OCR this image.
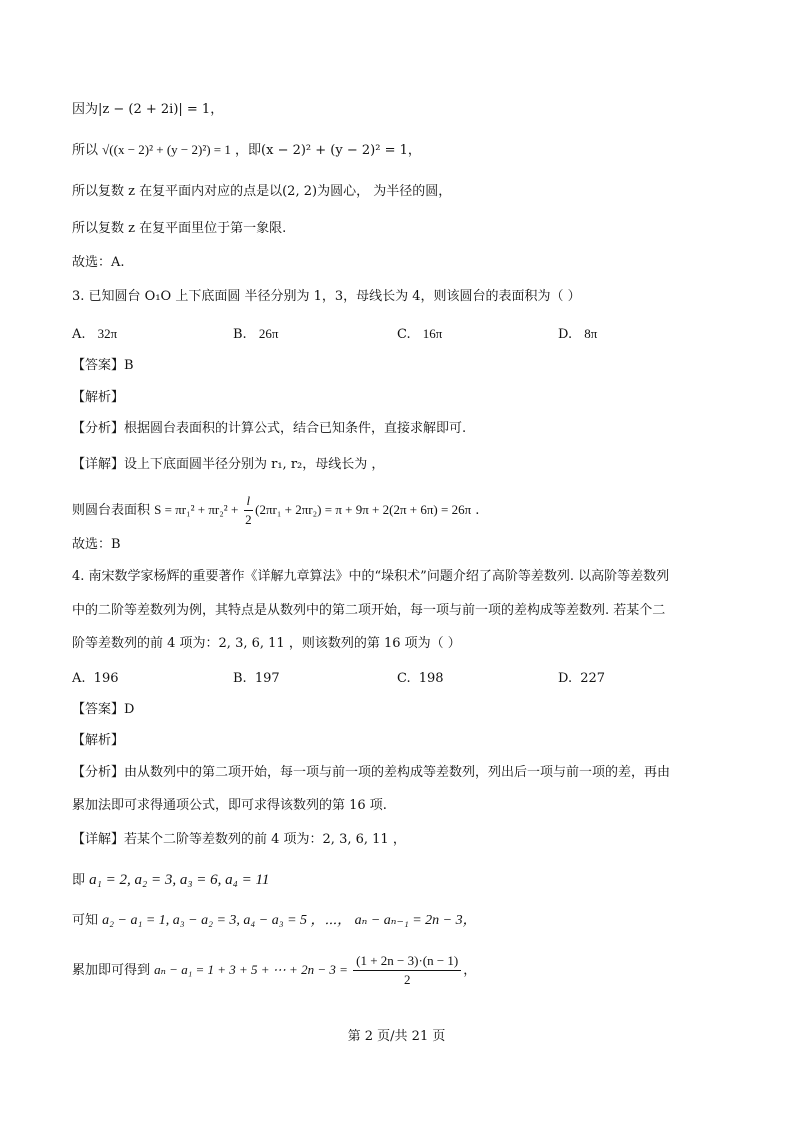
因为|z − (2 + 2i)| = 1，
所以 √((x − 2)² + (y − 2)²) = 1 ，即(x − 2)² + (y − 2)² = 1，
所以复数 z 在复平面内对应的点是以(2, 2)为圆心， 为半径的圆，
所以复数 z 在复平面里位于第一象限.
故选：A.
3. 已知圆台 O₁O 上下底面圆 半径分别为 1，3，母线长为 4，则该圆台的表面积为（ ）
A. 32π	B. 26π	C. 16π	D. 8π
【答案】B
【解析】
【分析】根据圆台表面积的计算公式，结合已知条件，直接求解即可.
【详解】设上下底面圆半径分别为 r₁, r₂，母线长为 ，
则圆台表面积 $S = \pi r_1^2 + \pi r_2^2 + \frac{l}{2} (2\pi r_1 + 2\pi r_2) = \pi + 9\pi + 2(2\pi + 6\pi) = 26\pi$ .
故选：B
4. 南宋数学家杨辉的重要著作《详解九章算法》中的“垛积术”问题介绍了高阶等差数列. 以高阶等差数列
中的二阶等差数列为例，其特点是从数列中的第二项开始，每一项与前一项的差构成等差数列. 若某个二
阶等差数列的前 4 项为：2, 3, 6, 11 ，则该数列的第 16 项为（ ）
A. 196	B. 197	C. 198	D. 227
【答案】D
【解析】
【分析】由从数列中的第二项开始，每一项与前一项的差构成等差数列，列出后一项与前一项的差，再由
累加法即可求得通项公式，即可求得该数列的第 16 项.
【详解】若某个二阶等差数列的前 4 项为：2, 3, 6, 11 ，
即 a₁ = 2, a₂ = 3, a₃ = 6, a₄ = 11
可知 a₂ − a₁ = 1, a₃ − a₂ = 3, a₄ − a₃ = 5 ，⋯， aₙ − aₙ₋₁ = 2n − 3，
累加即可得到 aₙ − a₁ = 1 + 3 + 5 + ⋯ + $2n - 3 = \frac{(1 + 2n - 3)\cdot(n - 1)}{2}$ ，
第 2 页/共 21 页
